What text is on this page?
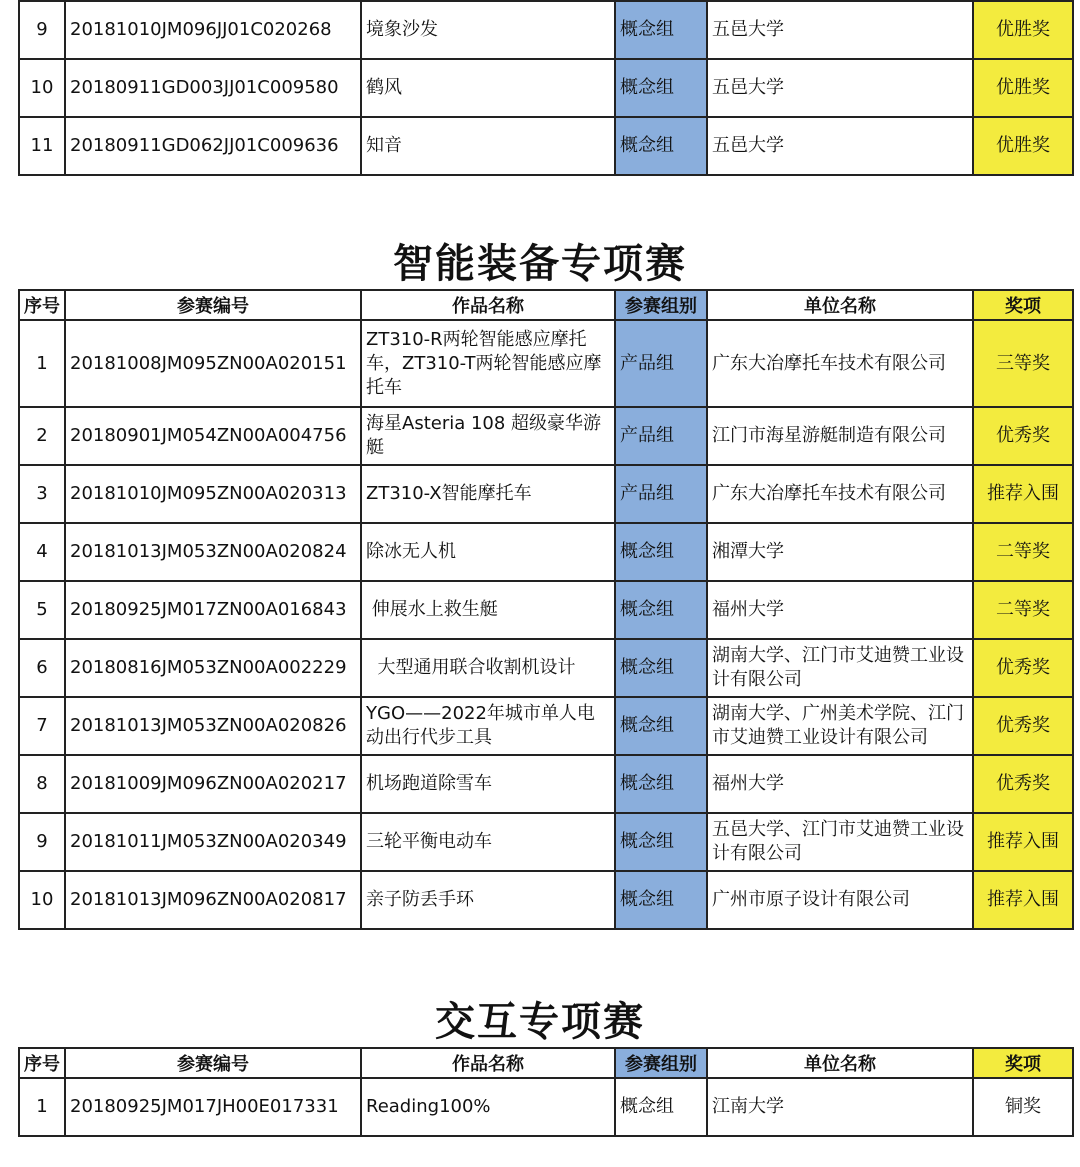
9	20181010JM096JJ01C020268	境象沙发	概念组	五邑大学	优胜奖
10	20180911GD003JJ01C009580	鹤风	概念组	五邑大学	优胜奖
11	20180911GD062JJ01C009636	知音	概念组	五邑大学	优胜奖
智能装备专项赛
序号	参赛编号	作品名称	参赛组别	单位名称	奖项
1	20181008JM095ZN00A020151	ZT310-R两轮智能感应摩托车，ZT310-T两轮智能感应摩托车	产品组	广东大冶摩托车技术有限公司	三等奖
2	20180901JM054ZN00A004756	海星Asteria 108 超级豪华游艇	产品组	江门市海星游艇制造有限公司	优秀奖
3	20181010JM095ZN00A020313	ZT310-X智能摩托车	产品组	广东大冶摩托车技术有限公司	推荐入围
4	20181013JM053ZN00A020824	除冰无人机	概念组	湘潭大学	二等奖
5	20180925JM017ZN00A016843	伸展水上救生艇	概念组	福州大学	二等奖
6	20180816JM053ZN00A002229	大型通用联合收割机设计	概念组	湖南大学、江门市艾迪赞工业设计有限公司	优秀奖
7	20181013JM053ZN00A020826	YGO——2022年城市单人电动出行代步工具	概念组	湖南大学、广州美术学院、江门市艾迪赞工业设计有限公司	优秀奖
8	20181009JM096ZN00A020217	机场跑道除雪车	概念组	福州大学	优秀奖
9	20181011JM053ZN00A020349	三轮平衡电动车	概念组	五邑大学、江门市艾迪赞工业设计有限公司	推荐入围
10	20181013JM096ZN00A020817	亲子防丢手环	概念组	广州市原子设计有限公司	推荐入围
交互专项赛
序号	参赛编号	作品名称	参赛组别	单位名称	奖项
1	20180925JM017JH00E017331	Reading100%	概念组	江南大学	铜奖
